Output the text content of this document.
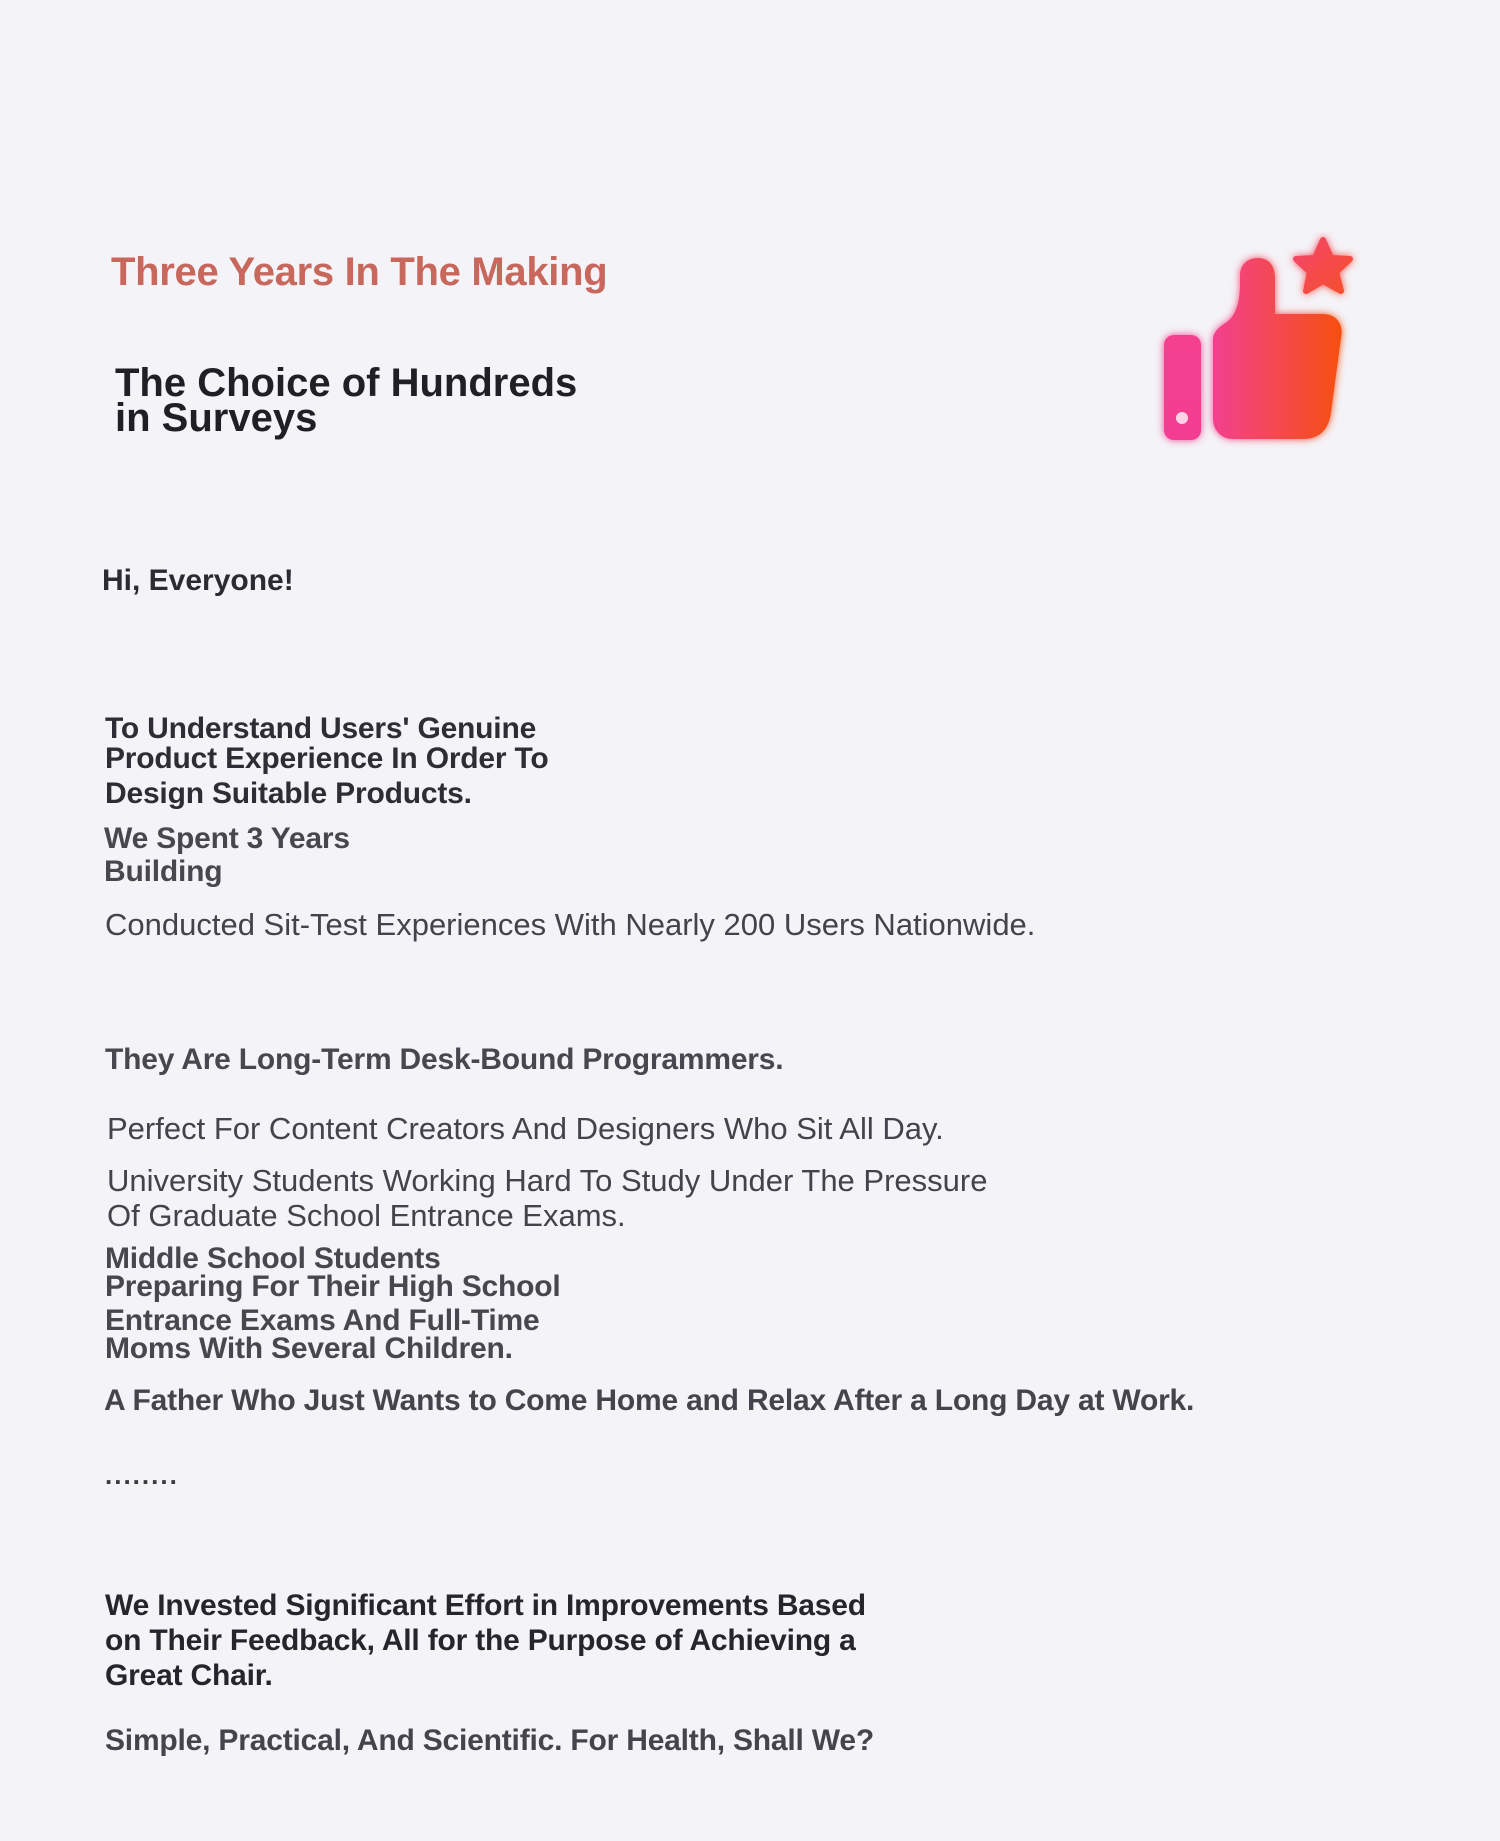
Three Years In The Making
The Choice of Hundreds
in Surveys

Hi, Everyone!

To Understand Users' Genuine
Product Experience In Order To
Design Suitable Products.

We Spent 3 Years
Building

Conducted Sit-Test Experiences With Nearly 200 Users Nationwide.

They Are Long-Term Desk-Bound Programmers.

Perfect For Content Creators And Designers Who Sit All Day.

University Students Working Hard To Study Under The Pressure
Of Graduate School Entrance Exams.

Middle School Students
Preparing For Their High School
Entrance Exams And Full-Time
Moms With Several Children.

A Father Who Just Wants to Come Home and Relax After a Long Day at Work.

........

We Invested Significant Effort in Improvements Based
on Their Feedback, All for the Purpose of Achieving a
Great Chair.

Simple, Practical, And Scientific. For Health, Shall We?
